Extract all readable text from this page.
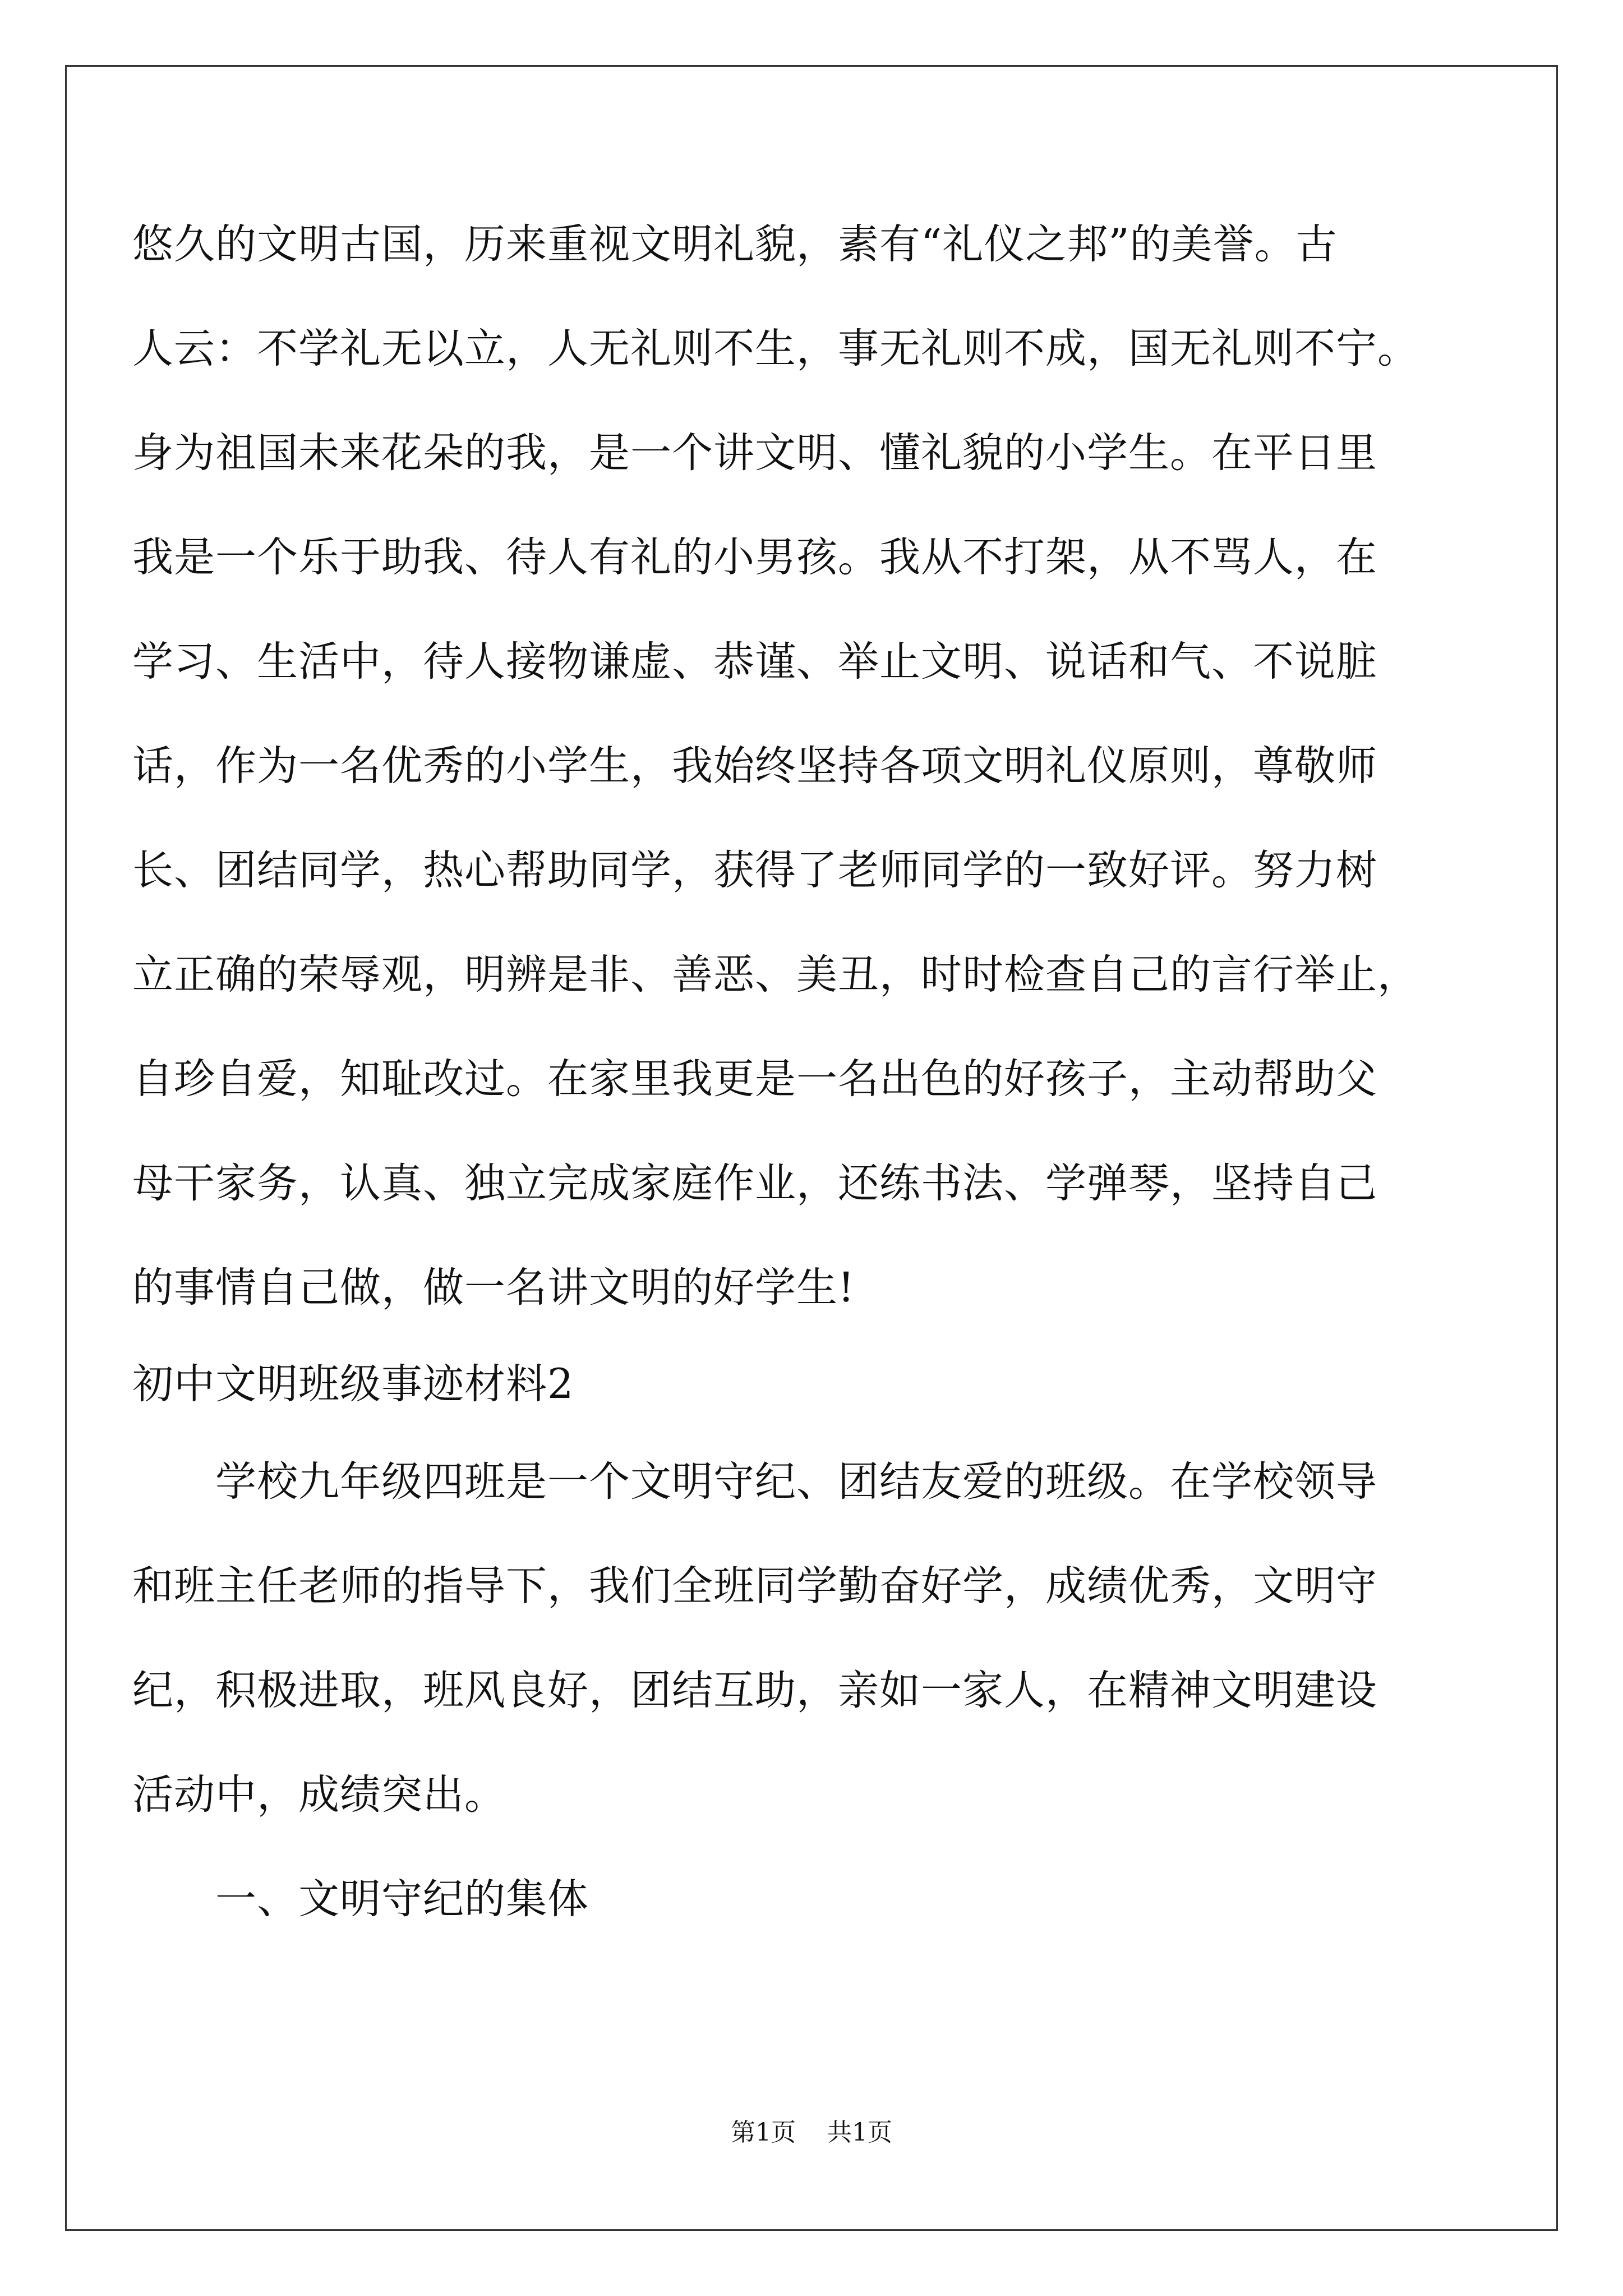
悠久的文明古国，历来重视文明礼貌，素有“礼仪之邦”的美誉。古
人云：不学礼无以立，人无礼则不生，事无礼则不成，国无礼则不宁。
身为祖国未来花朵的我，是一个讲文明、懂礼貌的小学生。在平日里
我是一个乐于助我、待人有礼的小男孩。我从不打架，从不骂人，在
学习、生活中，待人接物谦虚、恭谨、举止文明、说话和气、不说脏
话，作为一名优秀的小学生，我始终坚持各项文明礼仪原则，尊敬师
长、团结同学，热心帮助同学，获得了老师同学的一致好评。努力树
立正确的荣辱观，明辨是非、善恶、美丑，时时检查自己的言行举止，
自珍自爱，知耻改过。在家里我更是一名出色的好孩子，主动帮助父
母干家务，认真、独立完成家庭作业，还练书法、学弹琴，坚持自己
的事情自己做，做一名讲文明的好学生!
初中文明班级事迹材料2
　　学校九年级四班是一个文明守纪、团结友爱的班级。在学校领导
和班主任老师的指导下，我们全班同学勤奋好学，成绩优秀，文明守
纪，积极进取，班风良好，团结互助，亲如一家人，在精神文明建设
活动中，成绩突出。
　　一、文明守纪的集体
第1页 共1页
